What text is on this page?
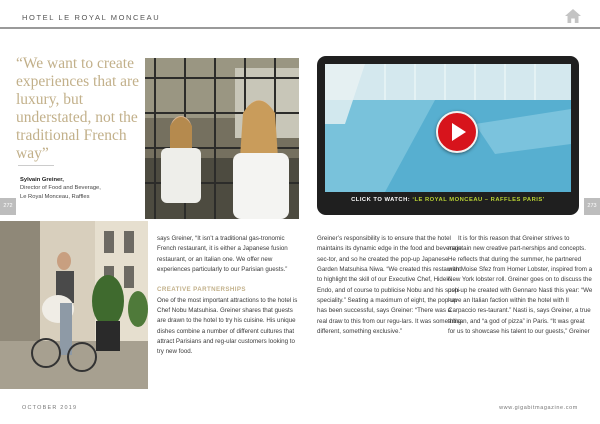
HOTEL LE ROYAL MONCEAU
“We want to create experiences that are luxury, but understated, not the traditional French way”
Sylvain Greiner,
Director of Food and Beverage,
Le Royal Monceau, Raffles
272	273
CLICK TO WATCH: ‘LE ROYAL MONCEAU – RAFFLES PARIS’

says Greiner, “It isn’t a traditional gas-tronomic French restaurant, it is either a Japanese fusion restaurant, or an Italian one. We offer new experiences particularly to our Parisian guests.”

CREATIVE PARTNERSHIPS

One of the most important attractions to the hotel is Chef Nobu Matsuhisa. Greiner shares that guests are drawn to the hotel to try his cuisine. His unique dishes combine a number of different cultures that attract Parisians and reg-ular customers looking to try new food.

Greiner’s responsibility is to ensure that the hotel maintains its dynamic edge in the food and beverage sec-tor, and so he created the pop-up Japanese Garden Matsuhisa Niwa. “We created this restaurant to highlight the skill of our Executive Chef, Hideki Endo, and of course to publicise Nobu and his sushi speciality.” Seating a maximum of eight, the pop-up has been successful, says Greiner: “There was a real draw to this from our regu-lars. It was something different, something exclusive.”

It is for this reason that Greiner strives to maintain new creative part-nerships and concepts. He reflects that during the summer, he partnered with Moise Sfez from Homer Lobster, inspired from a New York lobster roll. Greiner goes on to discuss the pop-up he created with Gennaro Nasti this year: “We have an Italian faction within the hotel with Il Carpaccio res-taurant.” Nasti is, says Greiner, a true artisan, and “a god of pizza” in Paris. “It was great for us to showcase his talent to our guests,” Greiner

OCTOBER 2019	www.gigabitmagazine.com
